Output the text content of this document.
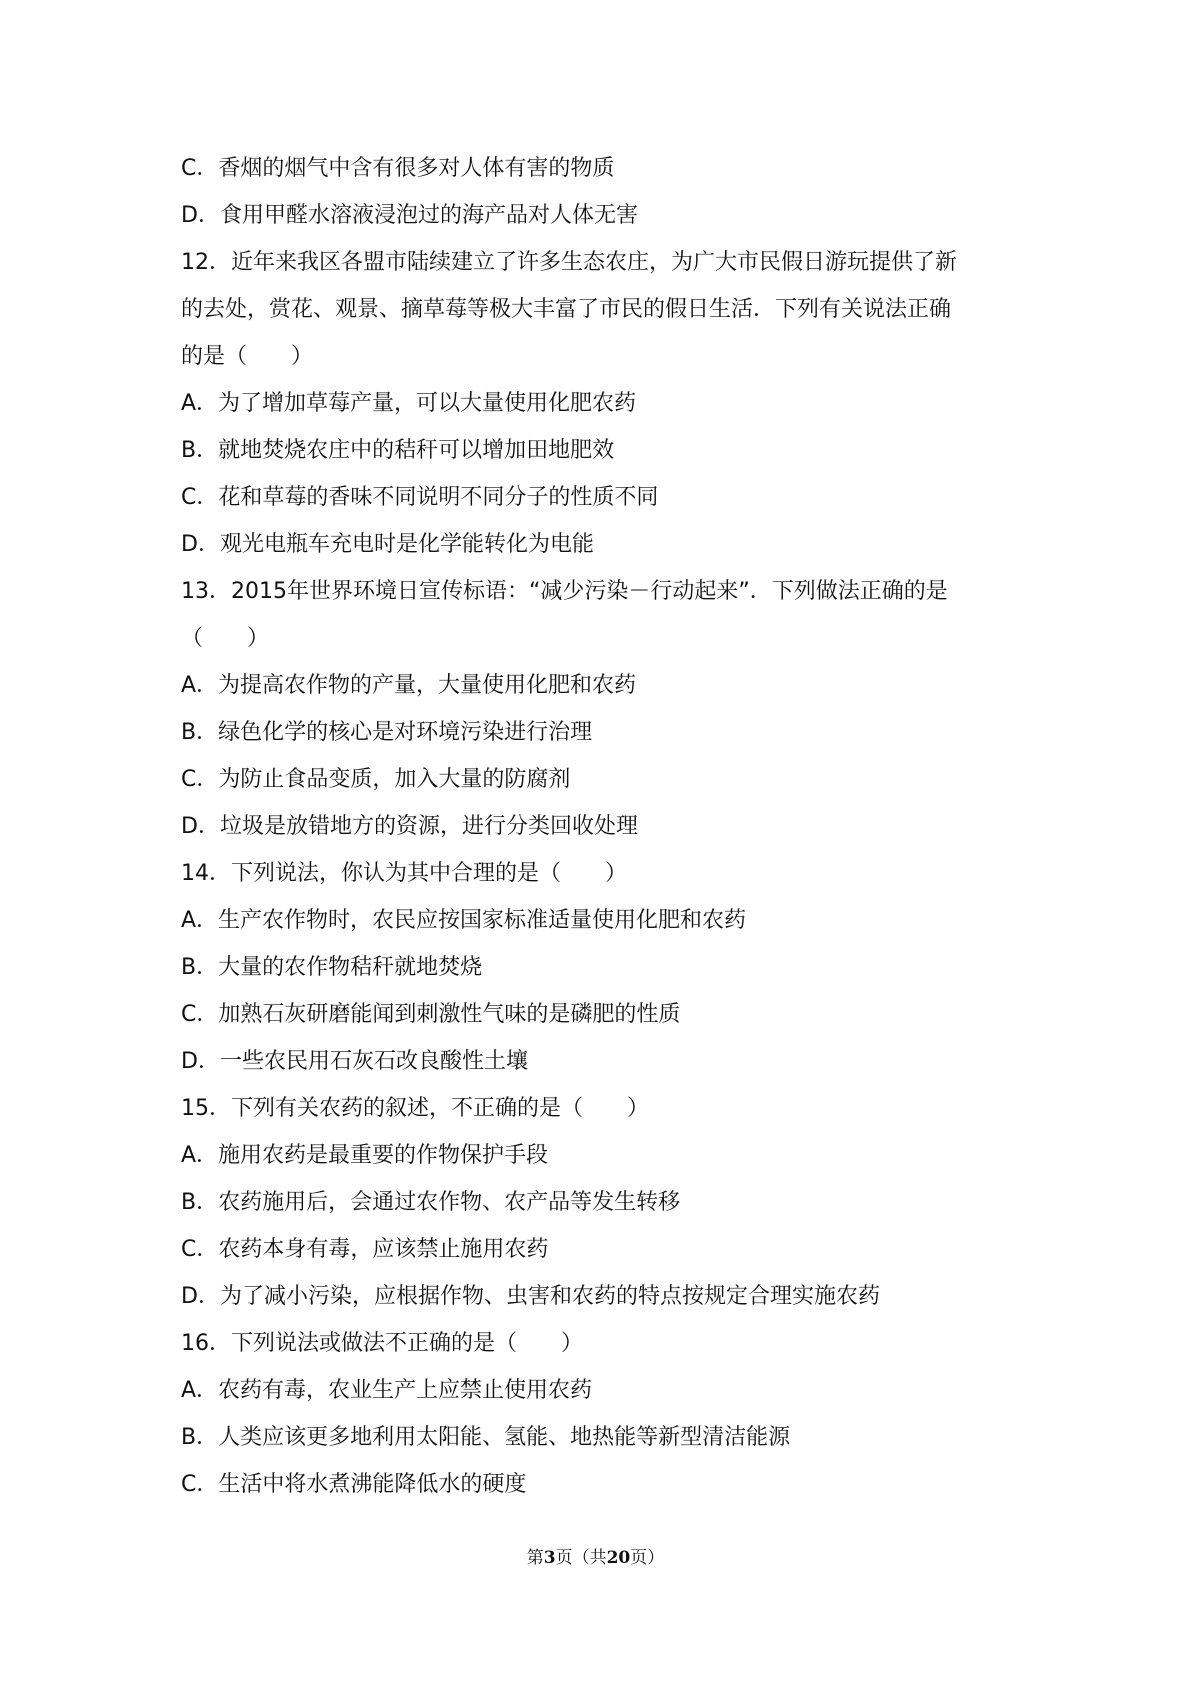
C．香烟的烟气中含有很多对人体有害的物质
D．食用甲醛水溶液浸泡过的海产品对人体无害
12．近年来我区各盟市陆续建立了许多生态农庄，为广大市民假日游玩提供了新
的去处，赏花、观景、摘草莓等极大丰富了市民的假日生活．下列有关说法正确
的是（　　）
A．为了增加草莓产量，可以大量使用化肥农药
B．就地焚烧农庄中的秸秆可以增加田地肥效
C．花和草莓的香味不同说明不同分子的性质不同
D．观光电瓶车充电时是化学能转化为电能
13．2015年世界环境日宣传标语：“减少污染－行动起来”．下列做法正确的是
（　　）
A．为提高农作物的产量，大量使用化肥和农药
B．绿色化学的核心是对环境污染进行治理
C．为防止食品变质，加入大量的防腐剂
D．垃圾是放错地方的资源，进行分类回收处理
14．下列说法，你认为其中合理的是（　　）
A．生产农作物时，农民应按国家标准适量使用化肥和农药
B．大量的农作物秸秆就地焚烧
C．加熟石灰研磨能闻到刺激性气味的是磷肥的性质
D．一些农民用石灰石改良酸性土壤
15．下列有关农药的叙述，不正确的是（　　）
A．施用农药是最重要的作物保护手段
B．农药施用后，会通过农作物、农产品等发生转移
C．农药本身有毒，应该禁止施用农药
D．为了减小污染，应根据作物、虫害和农药的特点按规定合理实施农药
16．下列说法或做法不正确的是（　　）
A．农药有毒，农业生产上应禁止使用农药
B．人类应该更多地利用太阳能、氢能、地热能等新型清洁能源
C．生活中将水煮沸能降低水的硬度
第3页（共20页）
